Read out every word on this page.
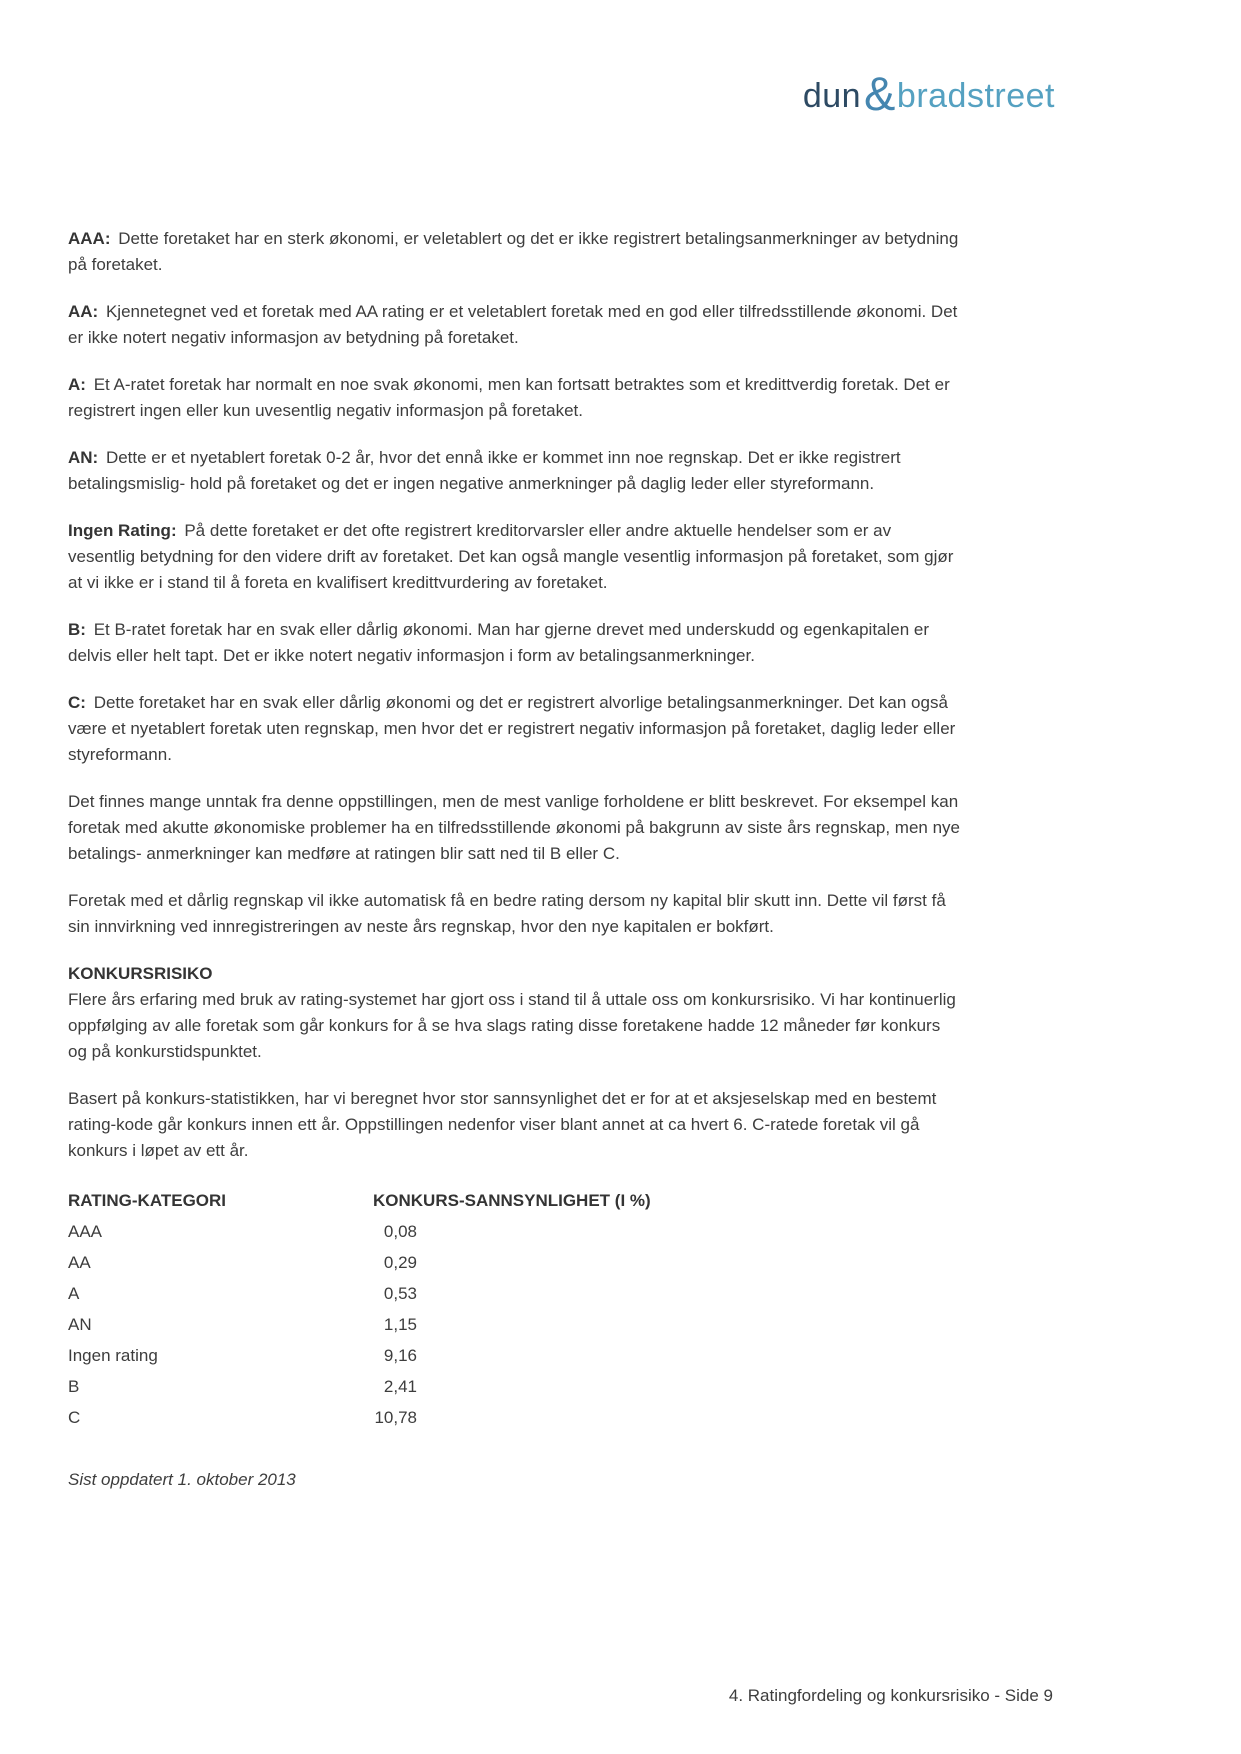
dun&bradstreet

AAA: Dette foretaket har en sterk økonomi, er veletablert og det er ikke registrert betalingsanmerkninger av betydning på foretaket.

AA: Kjennetegnet ved et foretak med AA rating er et veletablert foretak med en god eller tilfredsstillende økonomi. Det er ikke notert negativ informasjon av betydning på foretaket.

A: Et A-ratet foretak har normalt en noe svak økonomi, men kan fortsatt betraktes som et kredittverdig foretak. Det er registrert ingen eller kun uvesentlig negativ informasjon på foretaket.

AN: Dette er et nyetablert foretak 0-2 år, hvor det ennå ikke er kommet inn noe regnskap. Det er ikke registrert betalingsmislig- hold på foretaket og det er ingen negative anmerkninger på daglig leder eller styreformann.

Ingen Rating: På dette foretaket er det ofte registrert kreditorvarsler eller andre aktuelle hendelser som er av vesentlig betydning for den videre drift av foretaket. Det kan også mangle vesentlig informasjon på foretaket, som gjør at vi ikke er i stand til å foreta en kvalifisert kredittvurdering av foretaket.

B: Et B-ratet foretak har en svak eller dårlig økonomi. Man har gjerne drevet med underskudd og egenkapitalen er delvis eller helt tapt. Det er ikke notert negativ informasjon i form av betalingsanmerkninger.

C: Dette foretaket har en svak eller dårlig økonomi og det er registrert alvorlige betalingsanmerkninger. Det kan også være et nyetablert foretak uten regnskap, men hvor det er registrert negativ informasjon på foretaket, daglig leder eller styreformann.

Det finnes mange unntak fra denne oppstillingen, men de mest vanlige forholdene er blitt beskrevet. For eksempel kan foretak med akutte økonomiske problemer ha en tilfredsstillende økonomi på bakgrunn av siste års regnskap, men nye betalings- anmerkninger kan medføre at ratingen blir satt ned til B eller C.

Foretak med et dårlig regnskap vil ikke automatisk få en bedre rating dersom ny kapital blir skutt inn. Dette vil først få sin innvirkning ved innregistreringen av neste års regnskap, hvor den nye kapitalen er bokført.

KONKURSRISIKO
Flere års erfaring med bruk av rating-systemet har gjort oss i stand til å uttale oss om konkursrisiko. Vi har kontinuerlig oppfølging av alle foretak som går konkurs for å se hva slags rating disse foretakene hadde 12 måneder før konkurs og på konkurstidspunktet.

Basert på konkurs-statistikken, har vi beregnet hvor stor sannsynlighet det er for at et aksjeselskap med en bestemt rating-kode går konkurs innen ett år. Oppstillingen nedenfor viser blant annet at ca hvert 6. C-ratede foretak vil gå konkurs i løpet av ett år.

RATING-KATEGORI	KONKURS-SANNSYNLIGHET (I %)
AAA	0,08
AA	0,29
A	0,53
AN	1,15
Ingen rating	9,16
B	2,41
C	10,78
Sist oppdatert 1. oktober 2013
4. Ratingfordeling og konkursrisiko - Side 9
